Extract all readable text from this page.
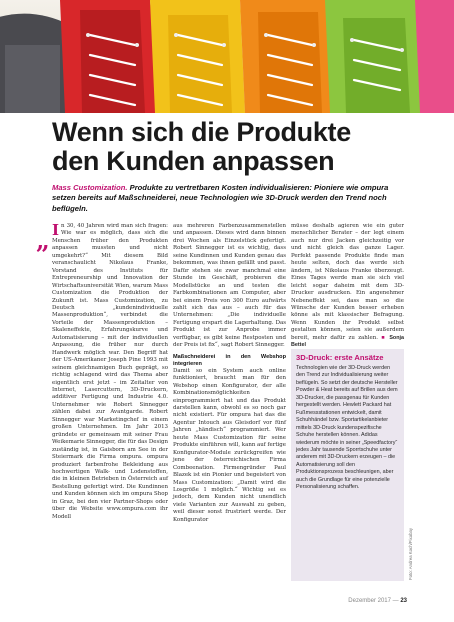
Wenn sich die Produkte
den Kunden anpassen
Mass Customization. Produkte zu vertretbaren Kosten individualisieren: Pioniere wie ompura setzen bereits auf Maßschneiderei, neue Technologien wie 3D-Druck werden den Trend noch beflügeln.
„ In 30, 40 Jahren wird man sich fragen: Wie war es möglich, dass sich die Menschen früher den Produkten anpassen mussten und nicht umgekehrt?“ Mit diesem Bild veranschaulicht Nikolaus Franke, Vorstand des Instituts für Entrepreneurship und Innovation der Wirtschaftsuniversität Wien, warum Mass Customization die Produktion der Zukunft ist. Mass Customization, zu Deutsch „kundenindividuelle Massenproduktion“, verbindet die Vorteile der Massenproduktion – Skaleneffekte, Erfahrungskurve und Automatisierung – mit der individuellen Anpassung, die früher nur durch Handwerk möglich war. Den Begriff hat der US-Amerikaner Joseph Pine 1993 mit seinem gleichnamigen Buch geprägt, so richtig schlagend wird das Thema aber eigentlich erst jetzt – im Zeitalter von Internet, Lasercuttern, 3D-Druckern, additiver Fertigung und Industrie 4.0. Unternehmer wie Robert Sinnegger zählen dabei zur Avantgarde. Robert Sinnegger war Marketingchef in einem großen Unternehmen. Im Jahr 2013 gründete er gemeinsam mit seiner Frau Weikemarie Sinnegger, die für das Design zuständig ist, in Gaisborn am See in der Steiermark die Firma ompura. ompura produziert farbenfrohe Bekleidung aus hochwertigen Walk- und Lodenstoffen, die in kleinen Betrieben in Österreich auf Bestellung gefertigt wird. Die Kundinnen und Kunden können sich im ompura Shop in Graz, bei den vier Partner-Shops oder über die Website www.ompura.com ihr Modell

aus mehreren Farbenzusammenstellen und anpassen. Dieses wird dann binnen drei Wochen als Einzelstück gefertigt. Robert Sinnegger ist es wichtig, dass seine Kundinnen und Kunden genau das bekommen, was ihnen gefällt und passt. Dafür stehen sie zwar manchmal eine Stunde im Geschäft, probieren die Modellstücke an und testen die Farbkombinationen am Computer, aber bei einem Preis von 300 Euro aufwärts zahlt sich das aus – auch für das Unternehmen: „Die individuelle Fertigung erspart die Lagerhaltung. Das Produkt ist zur Anprobe immer verfügbar, es gibt keine Restposten und der Preis ist fix“, sagt Robert Sinnegger.

Maßschneiderei in den Webshop integrieren

Damit so ein System auch online funktioniert, braucht man für den Webshop einen Konfigurator, der alle Kombinationsmöglichkeiten einprogrammiert hat und das Produkt darstellen kann, obwohl es so noch gar nicht existiert. Für ompura hat das die Agentur Intouch aus Gleisdorf vor fünf Jahren „händisch“ programmiert. Wer heute Mass Customization für seine Produkte einführen will, kann auf fertige Konfigurator-Module zurückgreifen wie jene der österreichischen Firma Combeenation. Firmengründer Paul Blazek ist ein Pionier und begeistert von Mass Customization: „Damit wird die Losgröße 1 möglich.“ Wichtig sei es jedoch, dem Kunden nicht unendlich viele Varianten zur Auswahl zu geben, weil dieser sonst frustriert werde. Der Konfigurator

müsse deshalb agieren wie ein guter menschlicher Berater – der legt einem auch nur drei Jacken gleichzeitig vor und nicht gleich das ganze Lager. Perfekt passende Produkte finde man heute selten, doch das werde sich ändern, ist Nikolaus Franke überzeugt. Eines Tages werde man sie sich viel leicht sogar daheim mit dem 3D-Drucker ausdrucken. Ein angenehmer Nebeneffekt sei, dass man so die Wünsche der Kunden besser erheben könne als mit klassischer Befragung. Wenn Kunden ihr Produkt selbst gestalten können, seien sie außerdem bereit, mehr dafür zu zahlen. ■ Sonja Bettel

3D-Druck: erste Ansätze
Technologien wie der 3D-Druck werden den Trend zur Individualisierung weiter beflügeln. So setzt der deutsche Hersteller Powder & Heat bereits auf Brillen aus dem 3D-Drucker, die passgenau für Kunden hergestellt werden. Hewlett Packard hat Fußmessstationen entwickelt, damit Schuhhändel bzw. Sportartikelanbieter mittels 3D-Druck kundenspezifische Schuhe herstellen können. Adidas wiederum möchte in seiner „Speedfactory“ jedes Jahr tausende Sporrtschuhe unter anderem mit 3D-Druckern erzeugen – die Automatisierung soll den Produktionsprozess beschleunigen, aber auch die Grundlage für eine potenzielle Personalisierung schaffen.
Foto: Andrea Koch/Pixabay
Dezember 2017 — 23
